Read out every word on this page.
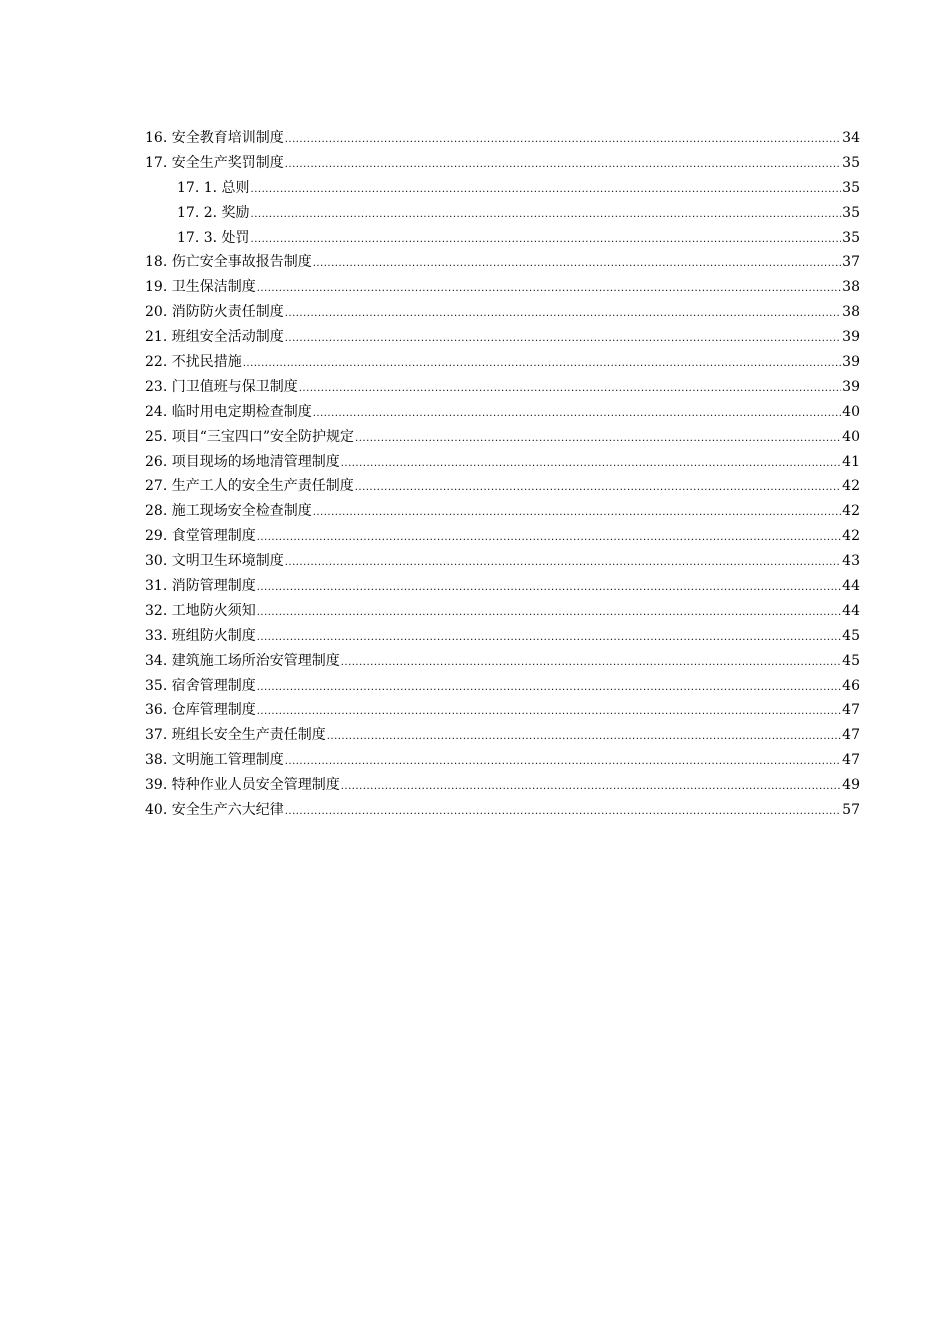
16. 安全教育培训制度 .....	34
17. 安全生产奖罚制度 .....	35
17. 1. 总则 .....	35
17. 2. 奖励 .....	35
17. 3. 处罚 .....	35
18. 伤亡安全事故报告制度 .....	37
19. 卫生保洁制度 .....	38
20. 消防防火责任制度 .....	38
21. 班组安全活动制度 .....	39
22. 不扰民措施 .....	39
23. 门卫值班与保卫制度 .....	39
24. 临时用电定期检查制度 .....	40
25. 项目“三宝四口”安全防护规定 .....	40
26. 项目现场的场地清管理制度 .....	41
27. 生产工人的安全生产责任制度 .....	42
28. 施工现场安全检查制度 .....	42
29. 食堂管理制度 .....	42
30. 文明卫生环境制度 .....	43
31. 消防管理制度 .....	44
32. 工地防火须知 .....	44
33. 班组防火制度 .....	45
34. 建筑施工场所治安管理制度 .....	45
35. 宿舍管理制度 .....	46
36. 仓库管理制度 .....	47
37. 班组长安全生产责任制度 .....	47
38. 文明施工管理制度 .....	47
39. 特种作业人员安全管理制度 .....	49
40. 安全生产六大纪律 .....	57
